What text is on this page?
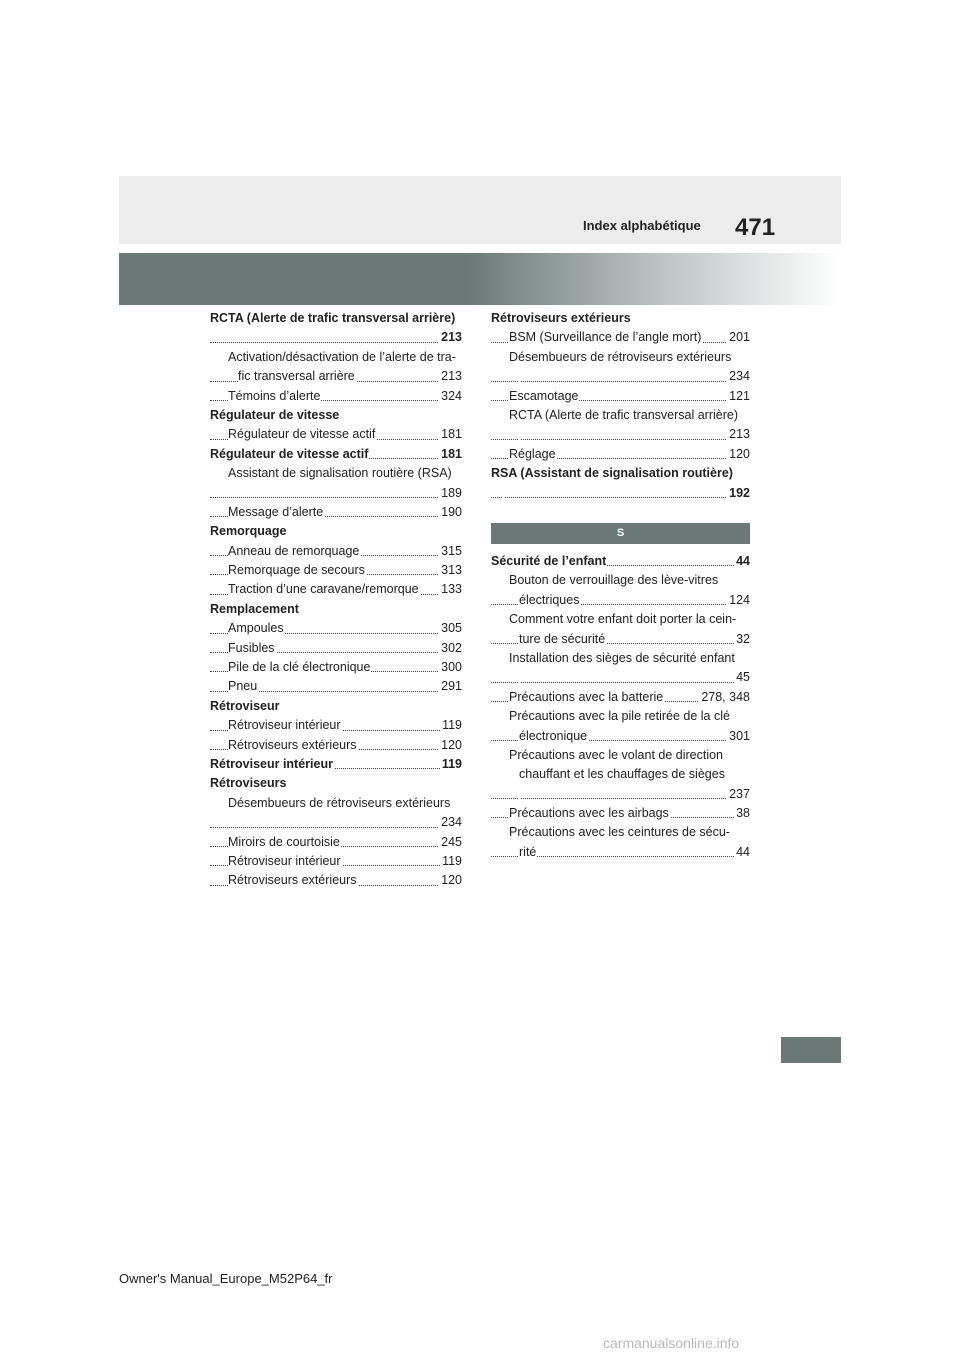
Index alphabétique 471
RCTA (Alerte de trafic transversal arrière)
213
Activation/désactivation de l’alerte de tra-
fic transversal arrière	213
Témoins d’alerte	324
Régulateur de vitesse
Régulateur de vitesse actif	181
Régulateur de vitesse actif	181
Assistant de signalisation routière (RSA)
189
Message d’alerte	190
Remorquage
Anneau de remorquage	315
Remorquage de secours	313
Traction d’une caravane/remorque 133
Remplacement
Ampoules	305
Fusibles	302
Pile de la clé électronique	300
Pneu	291
Rétroviseur
Rétroviseur intérieur	119
Rétroviseurs extérieurs	120
Rétroviseur intérieur	119
Rétroviseurs
Désembueurs de rétroviseurs extérieurs
234
Miroirs de courtoisie	245
Rétroviseur intérieur	119
Rétroviseurs extérieurs	120
Rétroviseurs extérieurs
BSM (Surveillance de l’angle mort) 201
Désembueurs de rétroviseurs extérieurs
234
Escamotage	121
RCTA (Alerte de trafic transversal arrière)
213
Réglage	120
RSA (Assistant de signalisation routière)
192
S
Sécurité de l’enfant	44
Bouton de verrouillage des lève-vitres
électriques	124
Comment votre enfant doit porter la cein-
ture de sécurité	32
Installation des sièges de sécurité enfant
45
Précautions avec la batterie	278, 348
Précautions avec la pile retirée de la clé
électronique	301
Précautions avec le volant de direction
chauffant et les chauffages de sièges
237
Précautions avec les airbags	38
Précautions avec les ceintures de sécu-
rité	44
Owner's Manual_Europe_M52P64_fr
carmanualsonline.info
